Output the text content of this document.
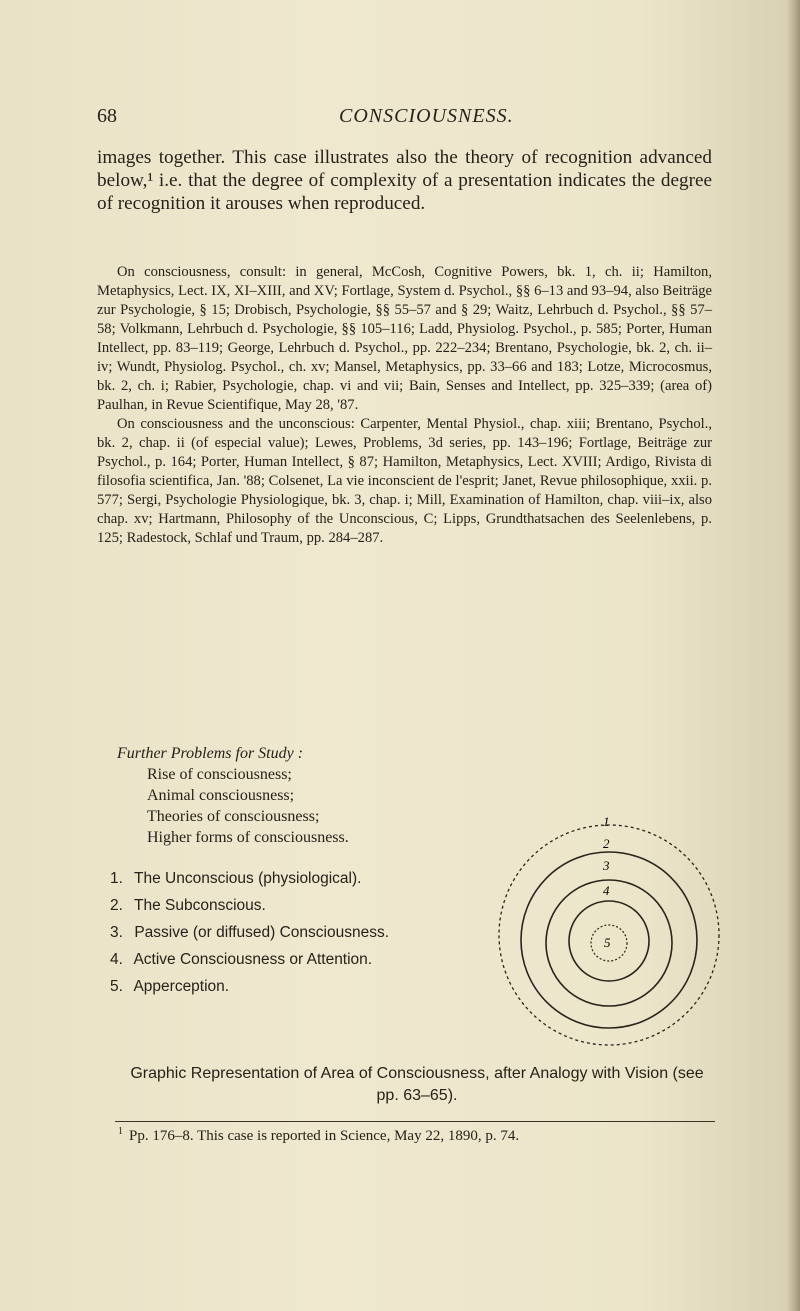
68	CONSCIOUSNESS.

images together. This case illustrates also the theory of recognition advanced below,¹ i.e. that the degree of complexity of a presentation indicates the degree of recognition it arouses when reproduced.

On consciousness, consult: in general, McCosh, Cognitive Powers, bk. 1, ch. ii; Hamilton, Metaphysics, Lect. IX, XI–XIII, and XV; Fortlage, System d. Psychol., §§ 6–13 and 93–94, also Beiträge zur Psychologie, § 15; Drobisch, Psychologie, §§ 55–57 and § 29; Waitz, Lehrbuch d. Psychol., §§ 57–58; Volkmann, Lehrbuch d. Psychologie, §§ 105–116; Ladd, Physiolog. Psychol., p. 585; Porter, Human Intellect, pp. 83–119; George, Lehrbuch d. Psychol., pp. 222–234; Brentano, Psychologie, bk. 2, ch. ii–iv; Wundt, Physiolog. Psychol., ch. xv; Mansel, Metaphysics, pp. 33–66 and 183; Lotze, Microcosmus, bk. 2, ch. i; Rabier, Psychologie, chap. vi and vii; Bain, Senses and Intellect, pp. 325–339; (area of) Paulhan, in Revue Scientifique, May 28, '87.

On consciousness and the unconscious: Carpenter, Mental Physiol., chap. xiii; Brentano, Psychol., bk. 2, chap. ii (of especial value); Lewes, Problems, 3d series, pp. 143–196; Fortlage, Beiträge zur Psychol., p. 164; Porter, Human Intellect, § 87; Hamilton, Metaphysics, Lect. XVIII; Ardigo, Rivista di filosofia scientifica, Jan. '88; Colsenet, La vie inconscient de l'esprit; Janet, Revue philosophique, xxii. p. 577; Sergi, Psychologie Physiologique, bk. 3, chap. i; Mill, Examination of Hamilton, chap. viii–ix, also chap. xv; Hartmann, Philosophy of the Unconscious, C; Lipps, Grundthatsachen des Seelenlebens, p. 125; Radestock, Schlaf und Traum, pp. 284–287.

Further Problems for Study :

Rise of consciousness;
Animal consciousness;
Theories of consciousness;
Higher forms of consciousness.
1. The Unconscious (physiological).
2. The Subconscious.
3. Passive (or diffused) Consciousness.
4. Active Consciousness or Attention.
5. Apperception.
1
2
3
4
5
Graphic Representation of Area of Consciousness, after Analogy with Vision (see pp. 63–65).
$^1$ Pp. 176–8. This case is reported in Science, May 22, 1890, p. 74.
